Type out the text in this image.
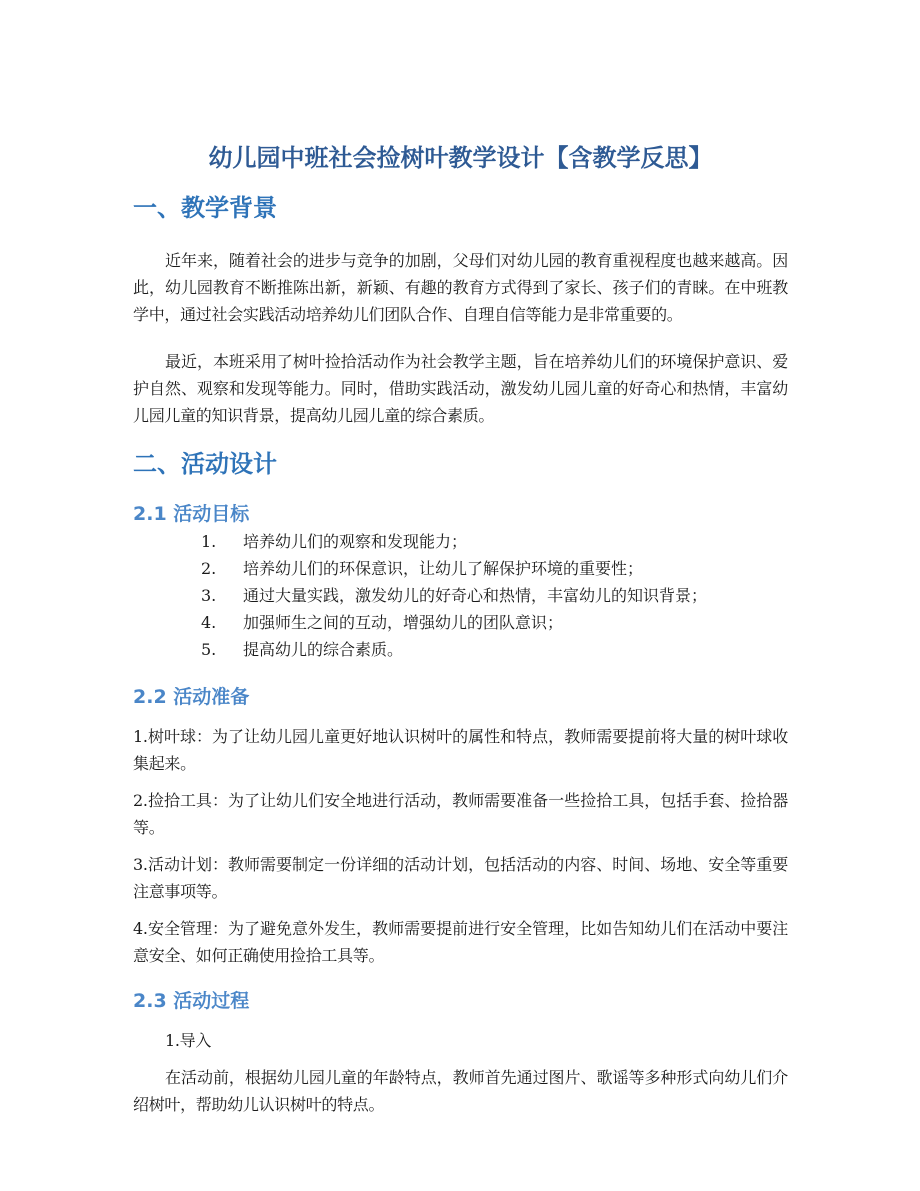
幼儿园中班社会捡树叶教学设计【含教学反思】
一、教学背景

近年来，随着社会的进步与竞争的加剧，父母们对幼儿园的教育重视程度也越来越高。因此，幼儿园教育不断推陈出新，新颖、有趣的教育方式得到了家长、孩子们的青睐。在中班教学中，通过社会实践活动培养幼儿们团队合作、自理自信等能力是非常重要的。

最近，本班采用了树叶捡拾活动作为社会教学主题，旨在培养幼儿们的环境保护意识、爱护自然、观察和发现等能力。同时，借助实践活动，激发幼儿园儿童的好奇心和热情，丰富幼儿园儿童的知识背景，提高幼儿园儿童的综合素质。

二、活动设计
2.1 活动目标
1. 培养幼儿们的观察和发现能力；
2. 培养幼儿们的环保意识，让幼儿了解保护环境的重要性；
3. 通过大量实践，激发幼儿的好奇心和热情，丰富幼儿的知识背景；
4. 加强师生之间的互动，增强幼儿的团队意识；
5. 提高幼儿的综合素质。
2.2 活动准备

1.树叶球：为了让幼儿园儿童更好地认识树叶的属性和特点，教师需要提前将大量的树叶球收集起来。

2.捡拾工具：为了让幼儿们安全地进行活动，教师需要准备一些捡拾工具，包括手套、捡拾器等。

3.活动计划：教师需要制定一份详细的活动计划，包括活动的内容、时间、场地、安全等重要注意事项等。

4.安全管理：为了避免意外发生，教师需要提前进行安全管理，比如告知幼儿们在活动中要注意安全、如何正确使用捡拾工具等。

2.3 活动过程

1.导入

在活动前，根据幼儿园儿童的年龄特点，教师首先通过图片、歌谣等多种形式向幼儿们介绍树叶，帮助幼儿认识树叶的特点。
